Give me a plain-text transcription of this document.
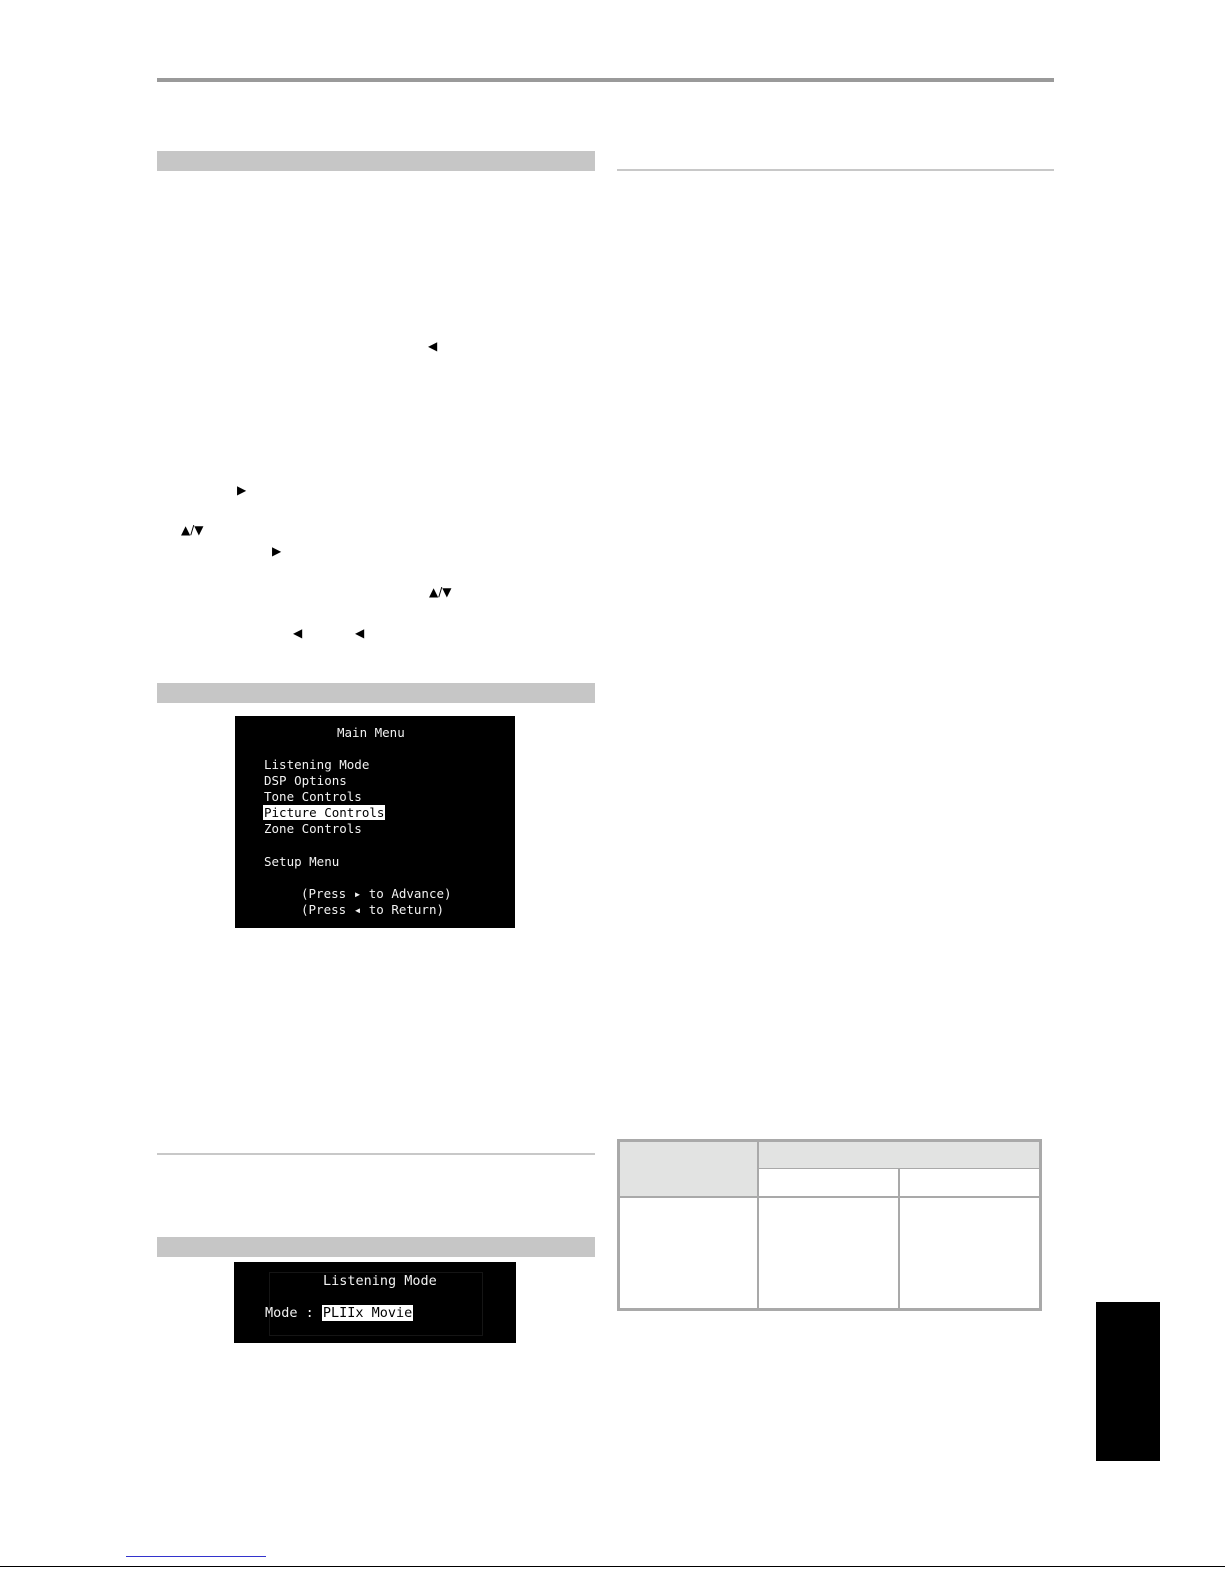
◀
▶
▲/▼
▶
▲/▼
◀	◀

Main Menu

Listening Mode

DSP Options

Tone Controls

Picture Controls

Zone Controls

Setup Menu

(Press ▸ to Advance)

(Press ◂ to Return)

Listening Mode

Mode : PLIIx Movie
